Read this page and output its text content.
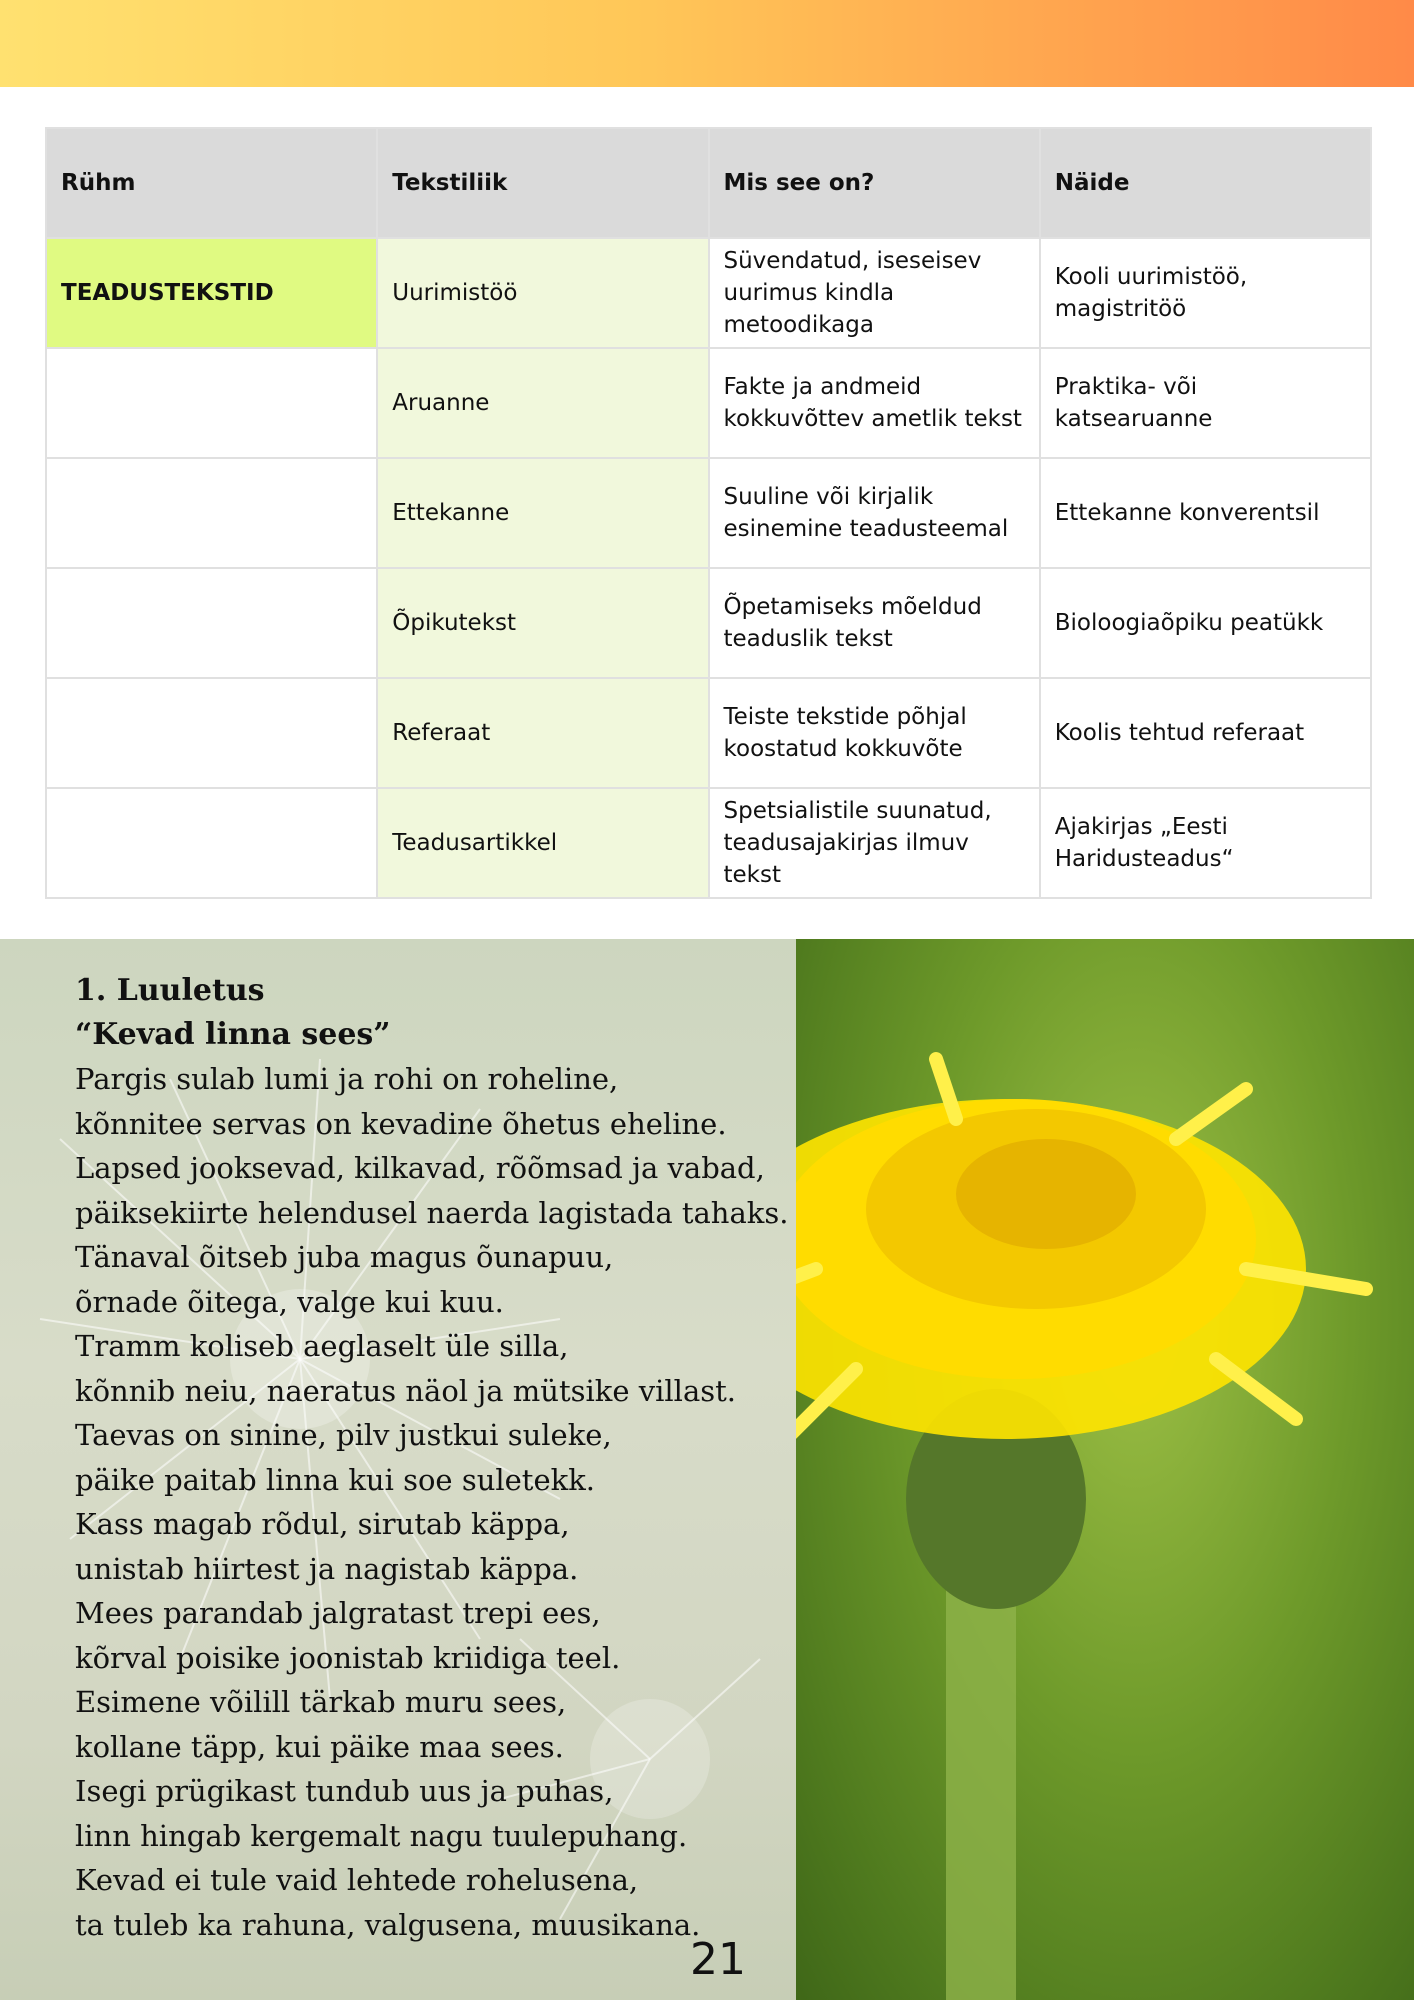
Rühm	Tekstiliik	Mis see on?	Näide
TEADUSTEKSTID	Uurimistöö	Süvendatud, iseseisev uurimus kindla metoodikaga	Kooli uurimistöö, magistritöö
	Aruanne	Fakte ja andmeid kokkuvõttev ametlik tekst	Praktika- või katsearuanne
	Ettekanne	Suuline või kirjalik esinemine teadusteemal	Ettekanne konverentsil
	Õpikutekst	Õpetamiseks mõeldud teaduslik tekst	Bioloogiaõpiku peatükk
	Referaat	Teiste tekstide põhjal koostatud kokkuvõte	Koolis tehtud referaat
	Teadusartikkel	Spetsialistile suunatud, teadusajakirjas ilmuv tekst	Ajakirjas „Eesti Haridusteadus“

1. Luuletus

“Kevad linna sees”

Pargis sulab lumi ja rohi on roheline,

kõnnitee servas on kevadine õhetus eheline.

Lapsed jooksevad, kilkavad, rõõmsad ja vabad,

päiksekiirte helendusel naerda lagistada tahaks.

Tänaval õitseb juba magus õunapuu,

õrnade õitega, valge kui kuu.

Tramm koliseb aeglaselt üle silla,

kõnnib neiu, naeratus näol ja mütsike villast.

Taevas on sinine, pilv justkui suleke,

päike paitab linna kui soe suletekk.

Kass magab rõdul, sirutab käppa,

unistab hiirtest ja nagistab käppa.

Mees parandab jalgratast trepi ees,

kõrval poisike joonistab kriidiga teel.

Esimene võilill tärkab muru sees,

kollane täpp, kui päike maa sees.

Isegi prügikast tundub uus ja puhas,

linn hingab kergemalt nagu tuulepuhang.

Kevad ei tule vaid lehtede rohelusena,

ta tuleb ka rahuna, valgusena, muusikana.

21
